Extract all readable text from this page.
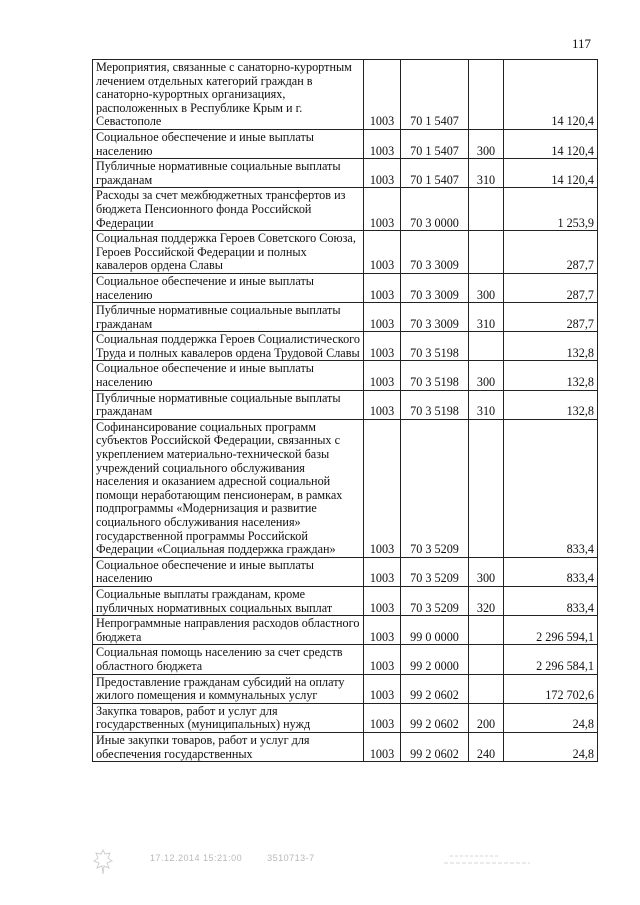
117
Мероприятия, связанные с санаторно-курортным лечением отдельных категорий граждан в санаторно-курортных организациях, расположенных в Республике Крым и г. Севастополе	1003	70 1 5407		14 120,4
Социальное обеспечение и иные выплаты населению	1003	70 1 5407	300	14 120,4
Публичные нормативные социальные выплаты гражданам	1003	70 1 5407	310	14 120,4
Расходы за счет межбюджетных трансфертов из бюджета Пенсионного фонда Российской Федерации	1003	70 3 0000		1 253,9
Социальная поддержка Героев Советского Союза, Героев Российской Федерации и полных кавалеров ордена Славы	1003	70 3 3009		287,7
Социальное обеспечение и иные выплаты населению	1003	70 3 3009	300	287,7
Публичные нормативные социальные выплаты гражданам	1003	70 3 3009	310	287,7
Социальная поддержка Героев Социалистического Труда и полных кавалеров ордена Трудовой Славы	1003	70 3 5198		132,8
Социальное обеспечение и иные выплаты населению	1003	70 3 5198	300	132,8
Публичные нормативные социальные выплаты гражданам	1003	70 3 5198	310	132,8
Софинансирование социальных программ субъектов Российской Федерации, связанных с укреплением материально-технической базы учреждений социального обслуживания населения и оказанием адресной социальной помощи неработающим пенсионерам, в рамках подпрограммы «Модернизация и развитие социального обслуживания населения» государственной программы Российской Федерации «Социальная поддержка граждан»	1003	70 3 5209		833,4
Социальное обеспечение и иные выплаты населению	1003	70 3 5209	300	833,4
Социальные выплаты гражданам, кроме публичных нормативных социальных выплат	1003	70 3 5209	320	833,4
Непрограммные направления расходов областного бюджета	1003	99 0 0000		2 296 594,1
Социальная помощь населению за счет средств областного бюджета	1003	99 2 0000		2 296 584,1
Предоставление гражданам субсидий на оплату жилого помещения и коммунальных услуг	1003	99 2 0602		172 702,6
Закупка товаров, работ и услуг для государственных (муниципальных) нужд	1003	99 2 0602	200	24,8
Иные закупки товаров, работ и услуг для обеспечения государственных	1003	99 2 0602	240	24,8
17.12.2014 15:21:00	3510713-7
